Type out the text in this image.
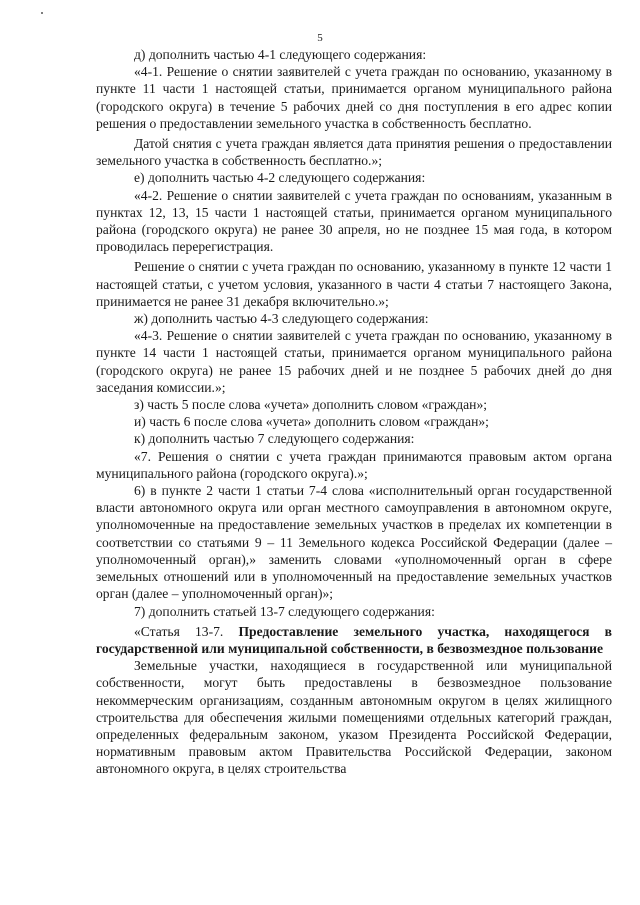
5

д) дополнить частью 4-1 следующего содержания:

«4-1. Решение о снятии заявителей с учета граждан по основанию, указанному в пункте 11 части 1 настоящей статьи, принимается органом муниципального района (городского округа) в течение 5 рабочих дней со дня поступления в его адрес копии решения о предоставлении земельного участка в собственность бесплатно.

Датой снятия с учета граждан является дата принятия решения о предоставлении земельного участка в собственность бесплатно.»;

е) дополнить частью 4-2 следующего содержания:

«4-2. Решение о снятии заявителей с учета граждан по основаниям, указанным в пунктах 12, 13, 15 части 1 настоящей статьи, принимается органом муниципального района (городского округа) не ранее 30 апреля, но не позднее 15 мая года, в котором проводилась перерегистрация.

Решение о снятии с учета граждан по основанию, указанному в пункте 12 части 1 настоящей статьи, с учетом условия, указанного в части 4 статьи 7 настоящего Закона, принимается не ранее 31 декабря включительно.»;

ж) дополнить частью 4-3 следующего содержания:

«4-3. Решение о снятии заявителей с учета граждан по основанию, указанному в пункте 14 части 1 настоящей статьи, принимается органом муниципального района (городского округа) не ранее 15 рабочих дней и не позднее 5 рабочих дней до дня заседания комиссии.»;

з) часть 5 после слова «учета» дополнить словом «граждан»;

и) часть 6 после слова «учета» дополнить словом «граждан»;

к) дополнить частью 7 следующего содержания:

«7. Решения о снятии с учета граждан принимаются правовым актом органа муниципального района (городского округа).»;

6) в пункте 2 части 1 статьи 7-4 слова «исполнительный орган государственной власти автономного округа или орган местного самоуправления в автономном округе, уполномоченные на предоставление земельных участков в пределах их компетенции в соответствии со статьями 9 – 11 Земельного кодекса Российской Федерации (далее – уполномоченный орган),» заменить словами «уполномоченный орган в сфере земельных отношений или в уполномоченный на предоставление земельных участков орган (далее – уполномоченный орган)»;

7) дополнить статьей 13-7 следующего содержания:

«Статья 13-7. Предоставление земельного участка, находящегося в государственной или муниципальной собственности, в безвозмездное пользование

Земельные участки, находящиеся в государственной или муниципальной собственности, могут быть предоставлены в безвозмездное пользование некоммерческим организациям, созданным автономным округом в целях жилищного строительства для обеспечения жилыми помещениями отдельных категорий граждан, определенных федеральным законом, указом Президента Российской Федерации, нормативным правовым актом Правительства Российской Федерации, законом автономного округа, в целях строительства
